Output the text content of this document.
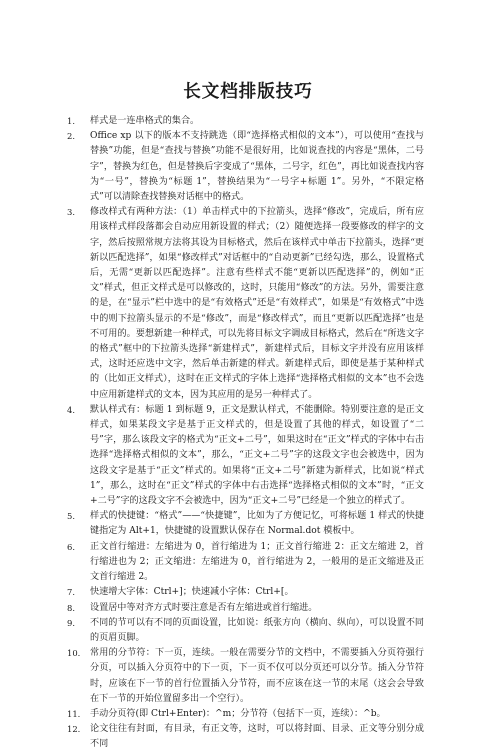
长文档排版技巧
1. 样式是一连串格式的集合。
2. Office xp 以下的版本不支持跳选（即“选择格式相似的文本”），可以使用“查找与替换”功能，但是“查找与替换”功能不是很好用，比如说查找的内容是“黑体，二号字”，替换为红色，但是替换后字变成了“黑体，二号字，红色”，再比如说查找内容为“一号”，替换为“标题 1”，替换结果为“一号字+标题 1”。另外，“不限定格式”可以清除查找替换对话框中的格式。
3. 修改样式有两种方法：（1）单击样式中的下拉箭头，选择“修改”，完成后，所有应用该样式样段落都会自动应用新设置的样式；（2）随便选择一段要修改的样字的文字，然后按照常规方法将其设为目标格式，然后在该样式中单击下拉箭头，选择“更新以匹配选择”，如果“修改样式”对话框中的“自动更新”已经勾选，那么，设置格式后，无需“更新以匹配选择”。注意有些样式不能“更新以匹配选择”的，例如“正文”样式，但正文样式是可以修改的，这时，只能用“修改”的方法。另外，需要注意的是，在“显示”栏中选中的是“有效格式”还是“有效样式”，如果是“有效格式”中选中的则下拉箭头显示的不是“修改”，而是“修改样式”，而且“更新以匹配选择”也是不可用的。要想新建一种样式，可以先将目标文字调成目标格式，然后在“所选文字的格式”框中的下拉箭头选择“新建样式”，新建样式后，目标文字并没有应用该样式，这时还应选中文字，然后单击新建的样式。新建样式后，即使是基于某种样式的（比如正文样式），这时在正文样式的字体上选择“选择格式相似的文本”也不会选中应用新建样式的文本，因为其应用的是另一种样式了。
4. 默认样式有：标题 1 到标题 9，正文是默认样式，不能删除。特别要注意的是正文样式，如果某段文字是基于正文样式的，但是设置了其他的样式，如设置了“二号”字，那么该段文字的格式为“正文+二号”，如果这时在“正文”样式的字体中右击选择“选择格式相似的文本”，那么，“正文+二号”字的这段文字也会被选中，因为这段文字是基于“正文”样式的。如果将“正文+二号”新建为新样式，比如说“样式 1”，那么，这时在“正文”样式的字体中右击选择“选择格式相似的文本”时，“正文+二号”字的这段文字不会被选中，因为“正文+二号”已经是一个独立的样式了。
5. 样式的快捷键：“格式”——“快捷键”，比如为了方便记忆，可将标题 1 样式的快捷键指定为 Alt+1，快捷键的设置默认保存在 Normal.dot 模板中。
6. 正文首行缩进：左缩进为 0，首行缩进为 1；正文首行缩进 2：正文左缩进 2，首行缩进也为 2；正文缩进：左缩进为 0，首行缩进为 2，一般用的是正文缩进及正文首行缩进 2。
7. 快速增大字体：Ctrl+]；快速减小字体：Ctrl+[。
8. 设置居中等对齐方式时要注意是否有左缩进或首行缩进。
9. 不同的节可以有不同的页面设置，比如说：纸张方向（横向、纵向），可以设置不同的页眉页脚。
10. 常用的分节符：下一页，连续。一般在需要分节的文档中，不需要插入分页符强行分页，可以插入分页符中的下一页，下一页不仅可以分页还可以分节。插入分节符时，应该在下一节的首行位置插入分节符，而不应该在这一节的末尾（这会会导致在下一节的开始位置留多出一个空行）。
11. 手动分页符(即 Ctrl+Enter)：^m；分节符（包括下一页，连续）：^b。
12. 论文往往有封面，有目录，有正文等，这时，可以将封面、目录、正文等分别分成不同
